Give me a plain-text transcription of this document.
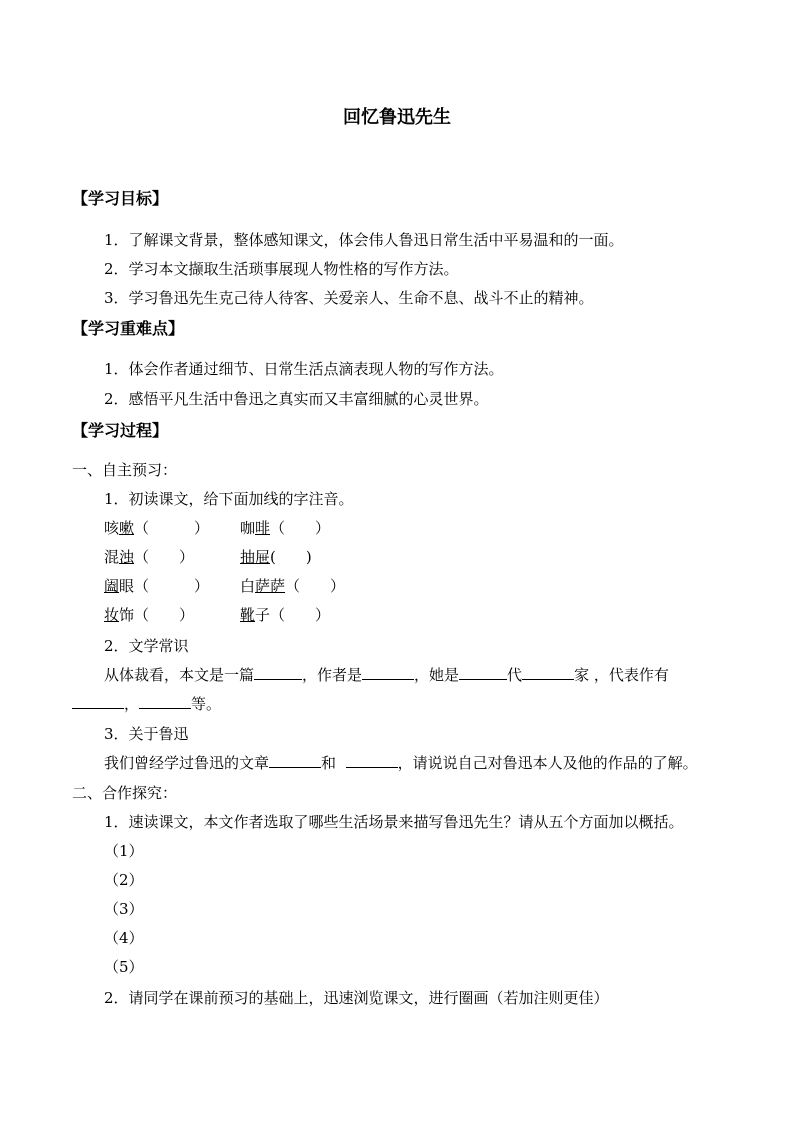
回忆鲁迅先生
【学习目标】
1．了解课文背景，整体感知课文，体会伟人鲁迅日常生活中平易温和的一面。
2．学习本文撷取生活琐事展现人物性格的写作方法。
3．学习鲁迅先生克己待人待客、关爱亲人、生命不息、战斗不止的精神。
【学习重难点】
1．体会作者通过细节、日常生活点滴表现人物的写作方法。
2．感悟平凡生活中鲁迅之真实而又丰富细腻的心灵世界。
【学习过程】
一、自主预习：
1．初读课文，给下面加线的字注音。
咳嗽（　　　） 咖啡（　　）
混浊（　　）	抽屉(　　)
阖眼（　　　） 白萨萨（　　）
妆饰（　　）	靴子（　　）
2．文学常识
从体裁看，本文是一篇	，作者是	，她是	代	家 ，代表作有
，	等。
3．关于鲁迅
我们曾经学过鲁迅的文章	和	，请说说自己对鲁迅本人及他的作品的了解。
二、合作探究：
1．速读课文，本文作者选取了哪些生活场景来描写鲁迅先生？请从五个方面加以概括。
（1）
（2）
（3）
（4）
（5）
2．请同学在课前预习的基础上，迅速浏览课文，进行圈画（若加注则更佳）
